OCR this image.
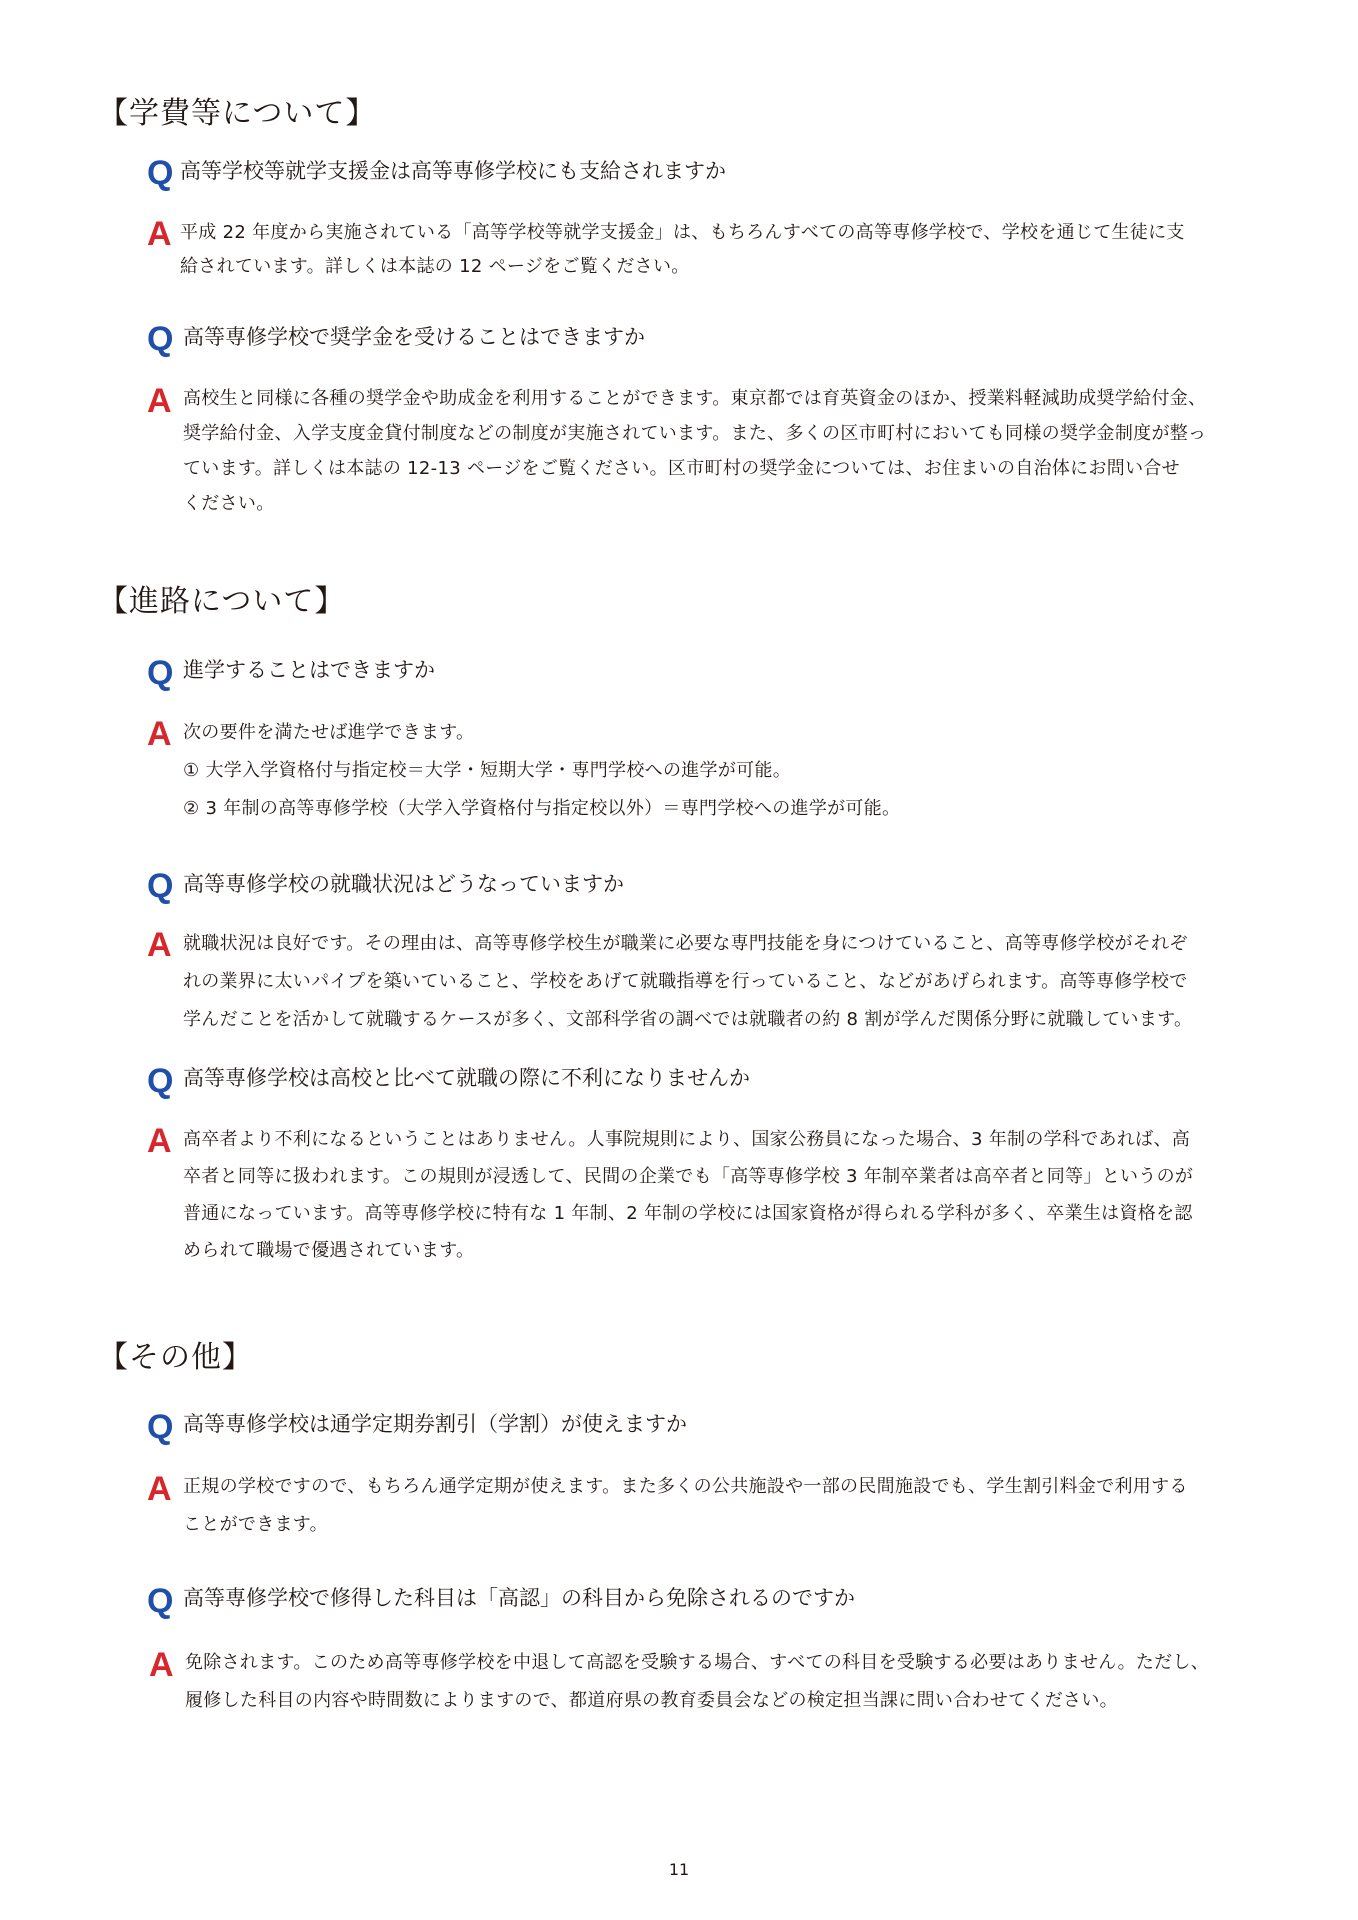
【学費等について】
Q 高等学校等就学支援金は高等専修学校にも支給されますか
A 平成 22 年度から実施されている「高等学校等就学支援金」は、もちろんすべての高等専修学校で、学校を通じて生徒に支
給されています。詳しくは本誌の 12 ページをご覧ください。
Q 高等専修学校で奨学金を受けることはできますか
A 高校生と同様に各種の奨学金や助成金を利用することができます。東京都では育英資金のほか、授業料軽減助成奨学給付金、
奨学給付金、入学支度金貸付制度などの制度が実施されています。また、多くの区市町村においても同様の奨学金制度が整っ
ています。詳しくは本誌の 12-13 ページをご覧ください。区市町村の奨学金については、お住まいの自治体にお問い合せ
ください。
【進路について】
Q 進学することはできますか
A 次の要件を満たせば進学できます。
① 大学入学資格付与指定校＝大学・短期大学・専門学校への進学が可能。
② 3 年制の高等専修学校（大学入学資格付与指定校以外）＝専門学校への進学が可能。
Q 高等専修学校の就職状況はどうなっていますか
A 就職状況は良好です。その理由は、高等専修学校生が職業に必要な専門技能を身につけていること、高等専修学校がそれぞ
れの業界に太いパイプを築いていること、学校をあげて就職指導を行っていること、などがあげられます。高等専修学校で
学んだことを活かして就職するケースが多く、文部科学省の調べでは就職者の約 8 割が学んだ関係分野に就職しています。
Q 高等専修学校は高校と比べて就職の際に不利になりませんか
A 高卒者より不利になるということはありません。人事院規則により、国家公務員になった場合、3 年制の学科であれば、高
卒者と同等に扱われます。この規則が浸透して、民間の企業でも「高等専修学校 3 年制卒業者は高卒者と同等」というのが
普通になっています。高等専修学校に特有な 1 年制、2 年制の学校には国家資格が得られる学科が多く、卒業生は資格を認
められて職場で優遇されています。
【その他】
Q 高等専修学校は通学定期券割引（学割）が使えますか
A 正規の学校ですので、もちろん通学定期が使えます。また多くの公共施設や一部の民間施設でも、学生割引料金で利用する
ことができます。
Q 高等専修学校で修得した科目は「高認」の科目から免除されるのですか
A 免除されます。このため高等専修学校を中退して高認を受験する場合、すべての科目を受験する必要はありません。ただし、
履修した科目の内容や時間数によりますので、都道府県の教育委員会などの検定担当課に問い合わせてください。
11
